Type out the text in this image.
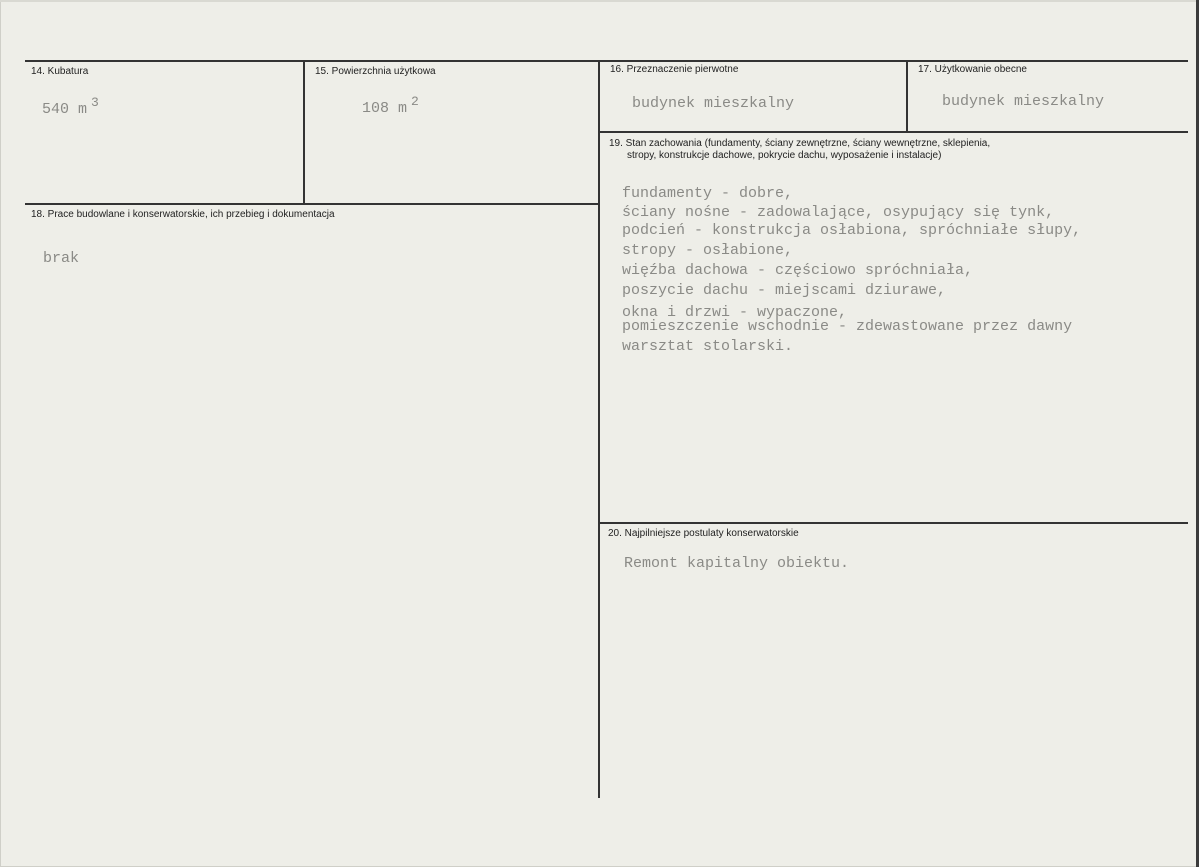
14. Kubatura
540 m 3
15. Powierzchnia użytkowa
108 m 2
16. Przeznaczenie pierwotne
budynek mieszkalny
17. Użytkowanie obecne
budynek mieszkalny
18. Prace budowlane i konserwatorskie, ich przebieg i dokumentacja
brak
19. Stan zachowania (fundamenty, ściany zewnętrzne, ściany wewnętrzne, sklepienia,
stropy, konstrukcje dachowe, pokrycie dachu, wyposażenie i instalacje)
fundamenty - dobre,
ściany nośne - zadowalające, osypujący się tynk,
podcień - konstrukcja osłabiona, spróchniałe słupy,
stropy - osłabione,
więźba dachowa - częściowo spróchniała,
poszycie dachu - miejscami dziurawe,
okna i drzwi - wypaczone,
pomieszczenie wschodnie - zdewastowane przez dawny
warsztat stolarski.
20. Najpilniejsze postulaty konserwatorskie
Remont kapitalny obiektu.
